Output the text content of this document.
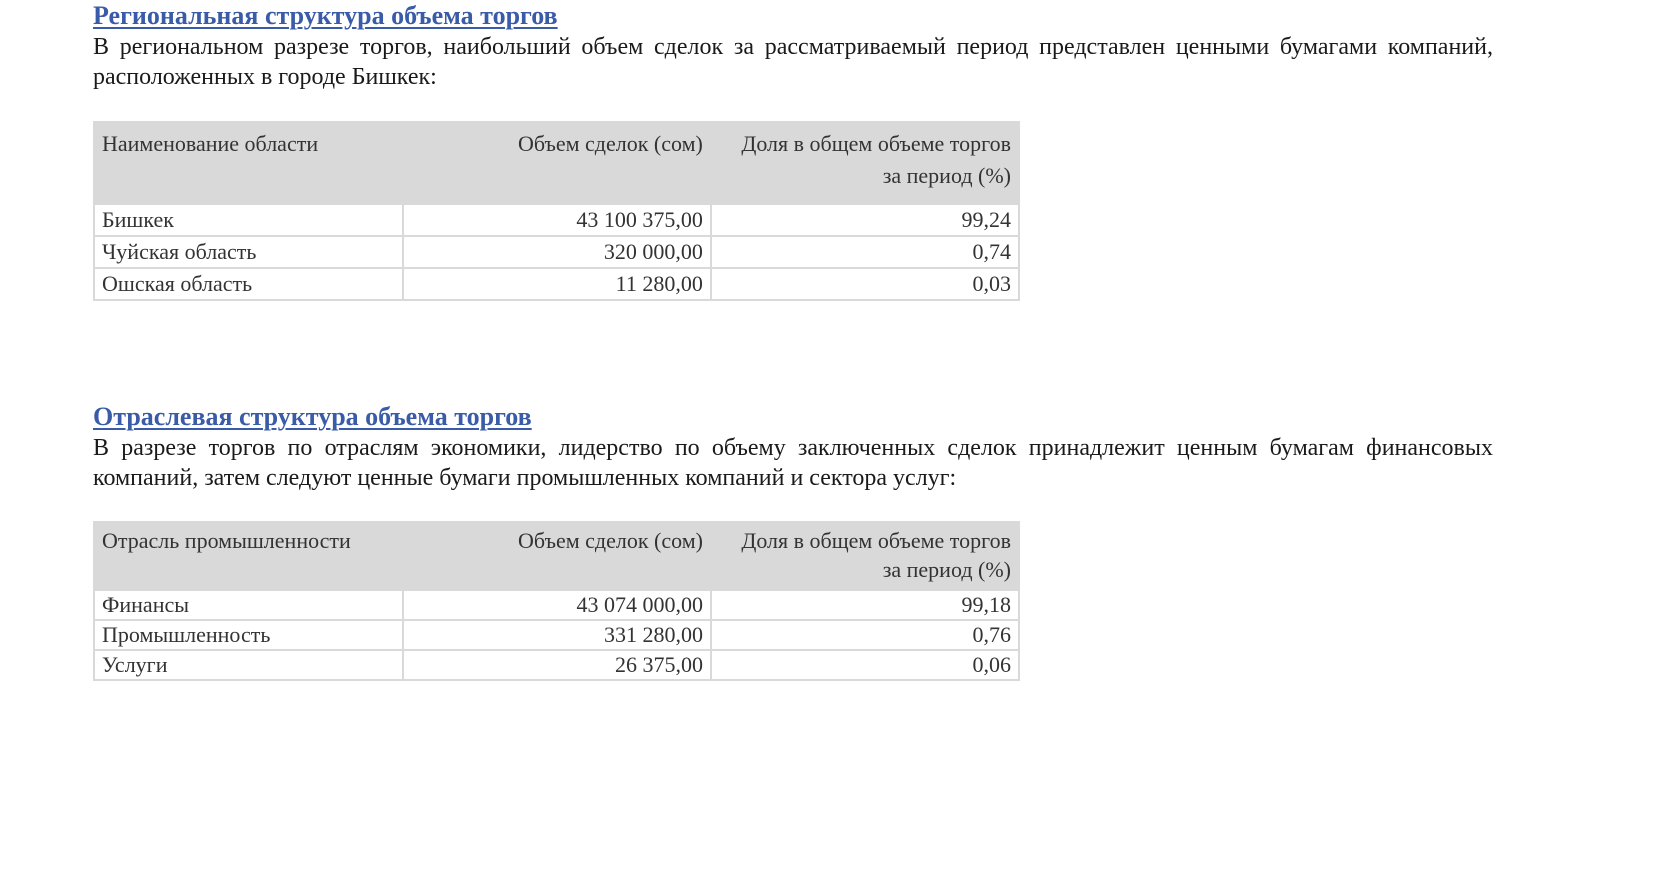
Региональная структура объема торгов

В региональном разрезе торгов, наибольший объем сделок за рассматриваемый период представлен ценными бумагами компаний, расположенных в городе Бишкек:

Наименование области	Объем сделок (сом)	Доля в общем объеме торгов за период (%)
Бишкек	43 100 375,00	99,24
Чуйская область	320 000,00	0,74
Ошская область	11 280,00	0,03
Отраслевая структура объема торгов

В разрезе торгов по отраслям экономики, лидерство по объему заключенных сделок принадлежит ценным бумагам финансовых компаний, затем следуют ценные бумаги промышленных компаний и сектора услуг:

Отрасль промышленности	Объем сделок (сом)	Доля в общем объеме торгов за период (%)
Финансы	43 074 000,00	99,18
Промышленность	331 280,00	0,76
Услуги	26 375,00	0,06
